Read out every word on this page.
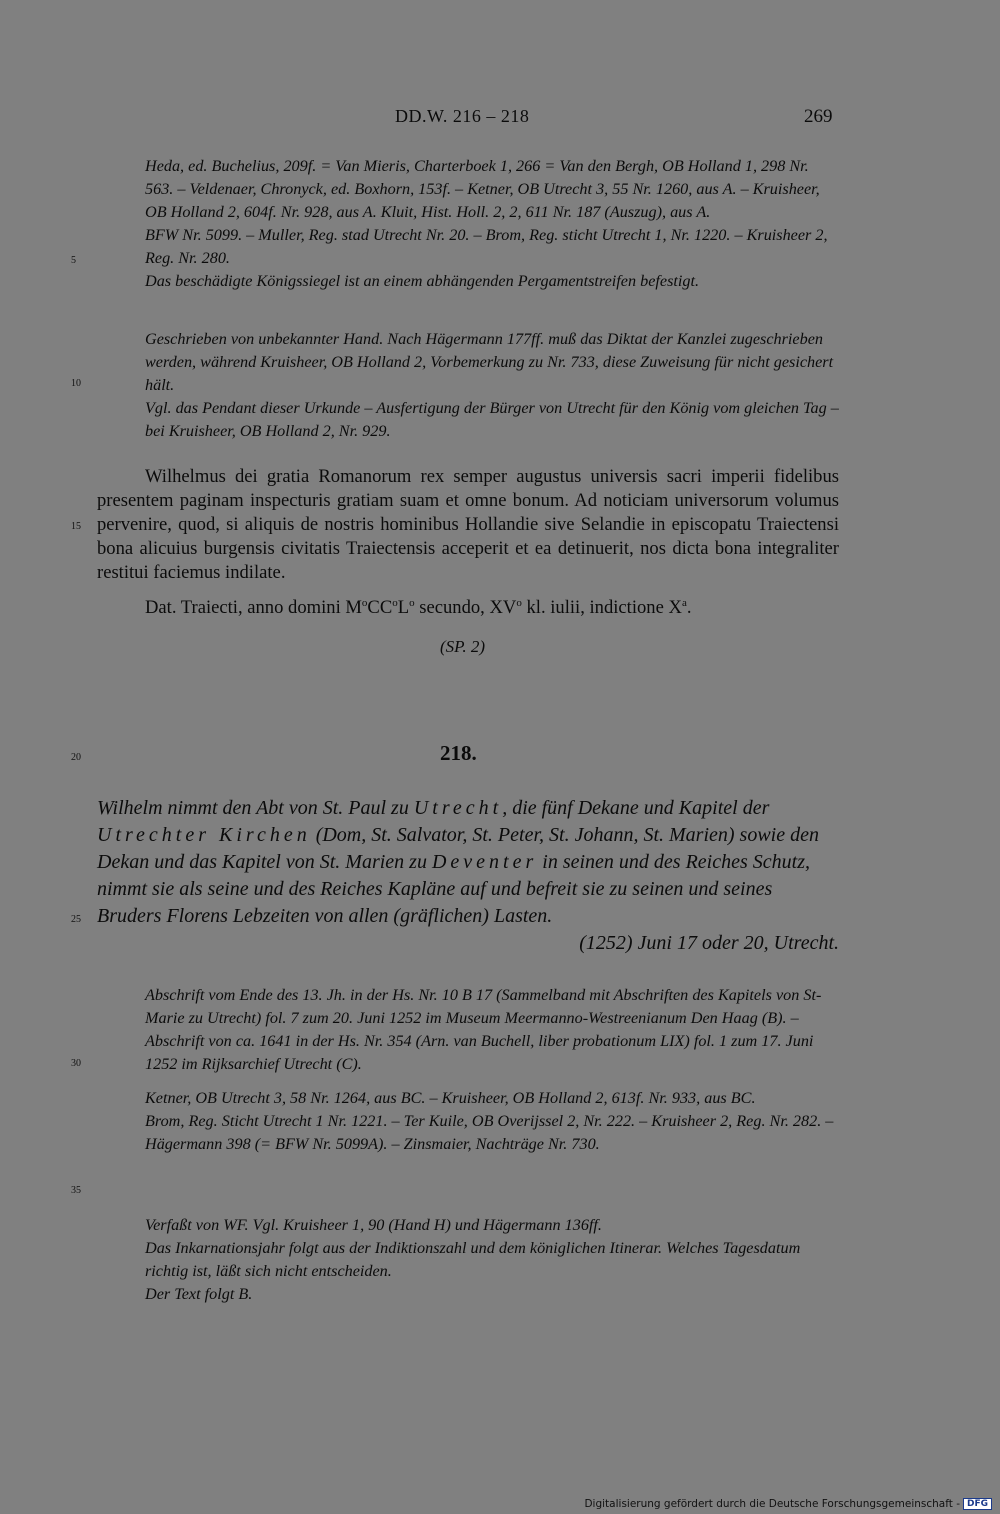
DD.W. 216 – 218	269
5
10
15
20
25
30
35

Heda, ed. Buchelius, 209f. = Van Mieris, Charterboek 1, 266 = Van den Bergh, OB Holland 1, 298 Nr. 563. – Veldenaer, Chronyck, ed. Boxhorn, 153f. – Ketner, OB Utrecht 3, 55 Nr. 1260, aus A. – Kruisheer, OB Holland 2, 604f. Nr. 928, aus A. Kluit, Hist. Holl. 2, 2, 611 Nr. 187 (Auszug), aus A.

BFW Nr. 5099. – Muller, Reg. stad Utrecht Nr. 20. – Brom, Reg. sticht Utrecht 1, Nr. 1220. – Kruisheer 2, Reg. Nr. 280.

Das beschädigte Königssiegel ist an einem abhängenden Pergamentstreifen befestigt.

Geschrieben von unbekannter Hand. Nach Hägermann 177ff. muß das Diktat der Kanzlei zugeschrieben werden, während Kruisheer, OB Holland 2, Vorbemerkung zu Nr. 733, diese Zuweisung für nicht gesichert hält.

Vgl. das Pendant dieser Urkunde – Ausfertigung der Bürger von Utrecht für den König vom gleichen Tag – bei Kruisheer, OB Holland 2, Nr. 929.

Wilhelmus dei gratia Romanorum rex semper augustus universis sacri imperii fidelibus presentem paginam inspecturis gratiam suam et omne bonum. Ad noticiam universorum volumus pervenire, quod, si aliquis de nostris hominibus Hollandie sive Selandie in episcopatu Traiectensi bona alicuius burgensis civitatis Traiectensis acceperit et ea detinuerit, nos dicta bona integraliter restitui faciemus indilate.

Dat. Traiecti, anno domini $M^oCC^oL^o$ secundo, $XV^o$ kl. iulii, indictione $X^a$.
(SP. 2)
218.

Wilhelm nimmt den Abt von St. Paul zu Utrecht, die fünf Dekane und Kapitel der Utrechter Kirchen (Dom, St. Salvator, St. Peter, St. Johann, St. Marien) sowie den Dekan und das Kapitel von St. Marien zu Deventer in seinen und des Reiches Schutz, nimmt sie als seine und des Reiches Kapläne auf und befreit sie zu seinen und seines Bruders Florens Lebzeiten von allen (gräflichen) Lasten.

(1252) Juni 17 oder 20, Utrecht.

Abschrift vom Ende des 13. Jh. in der Hs. Nr. 10 B 17 (Sammelband mit Abschriften des Kapitels von St-Marie zu Utrecht) fol. 7 zum 20. Juni 1252 im Museum Meermanno-Westreenianum Den Haag (B). – Abschrift von ca. 1641 in der Hs. Nr. 354 (Arn. van Buchell, liber probationum LIX) fol. 1 zum 17. Juni 1252 im Rijksarchief Utrecht (C).

Ketner, OB Utrecht 3, 58 Nr. 1264, aus BC. – Kruisheer, OB Holland 2, 613f. Nr. 933, aus BC.

Brom, Reg. Sticht Utrecht 1 Nr. 1221. – Ter Kuile, OB Overijssel 2, Nr. 222. – Kruisheer 2, Reg. Nr. 282. – Hägermann 398 (= BFW Nr. 5099A). – Zinsmaier, Nachträge Nr. 730.

Verfaßt von WF. Vgl. Kruisheer 1, 90 (Hand H) und Hägermann 136ff.

Das Inkarnationsjahr folgt aus der Indiktionszahl und dem königlichen Itinerar. Welches Tagesdatum richtig ist, läßt sich nicht entscheiden.

Der Text folgt B.

Digitalisierung gefördert durch die Deutsche Forschungsgemeinschaft - DFG
